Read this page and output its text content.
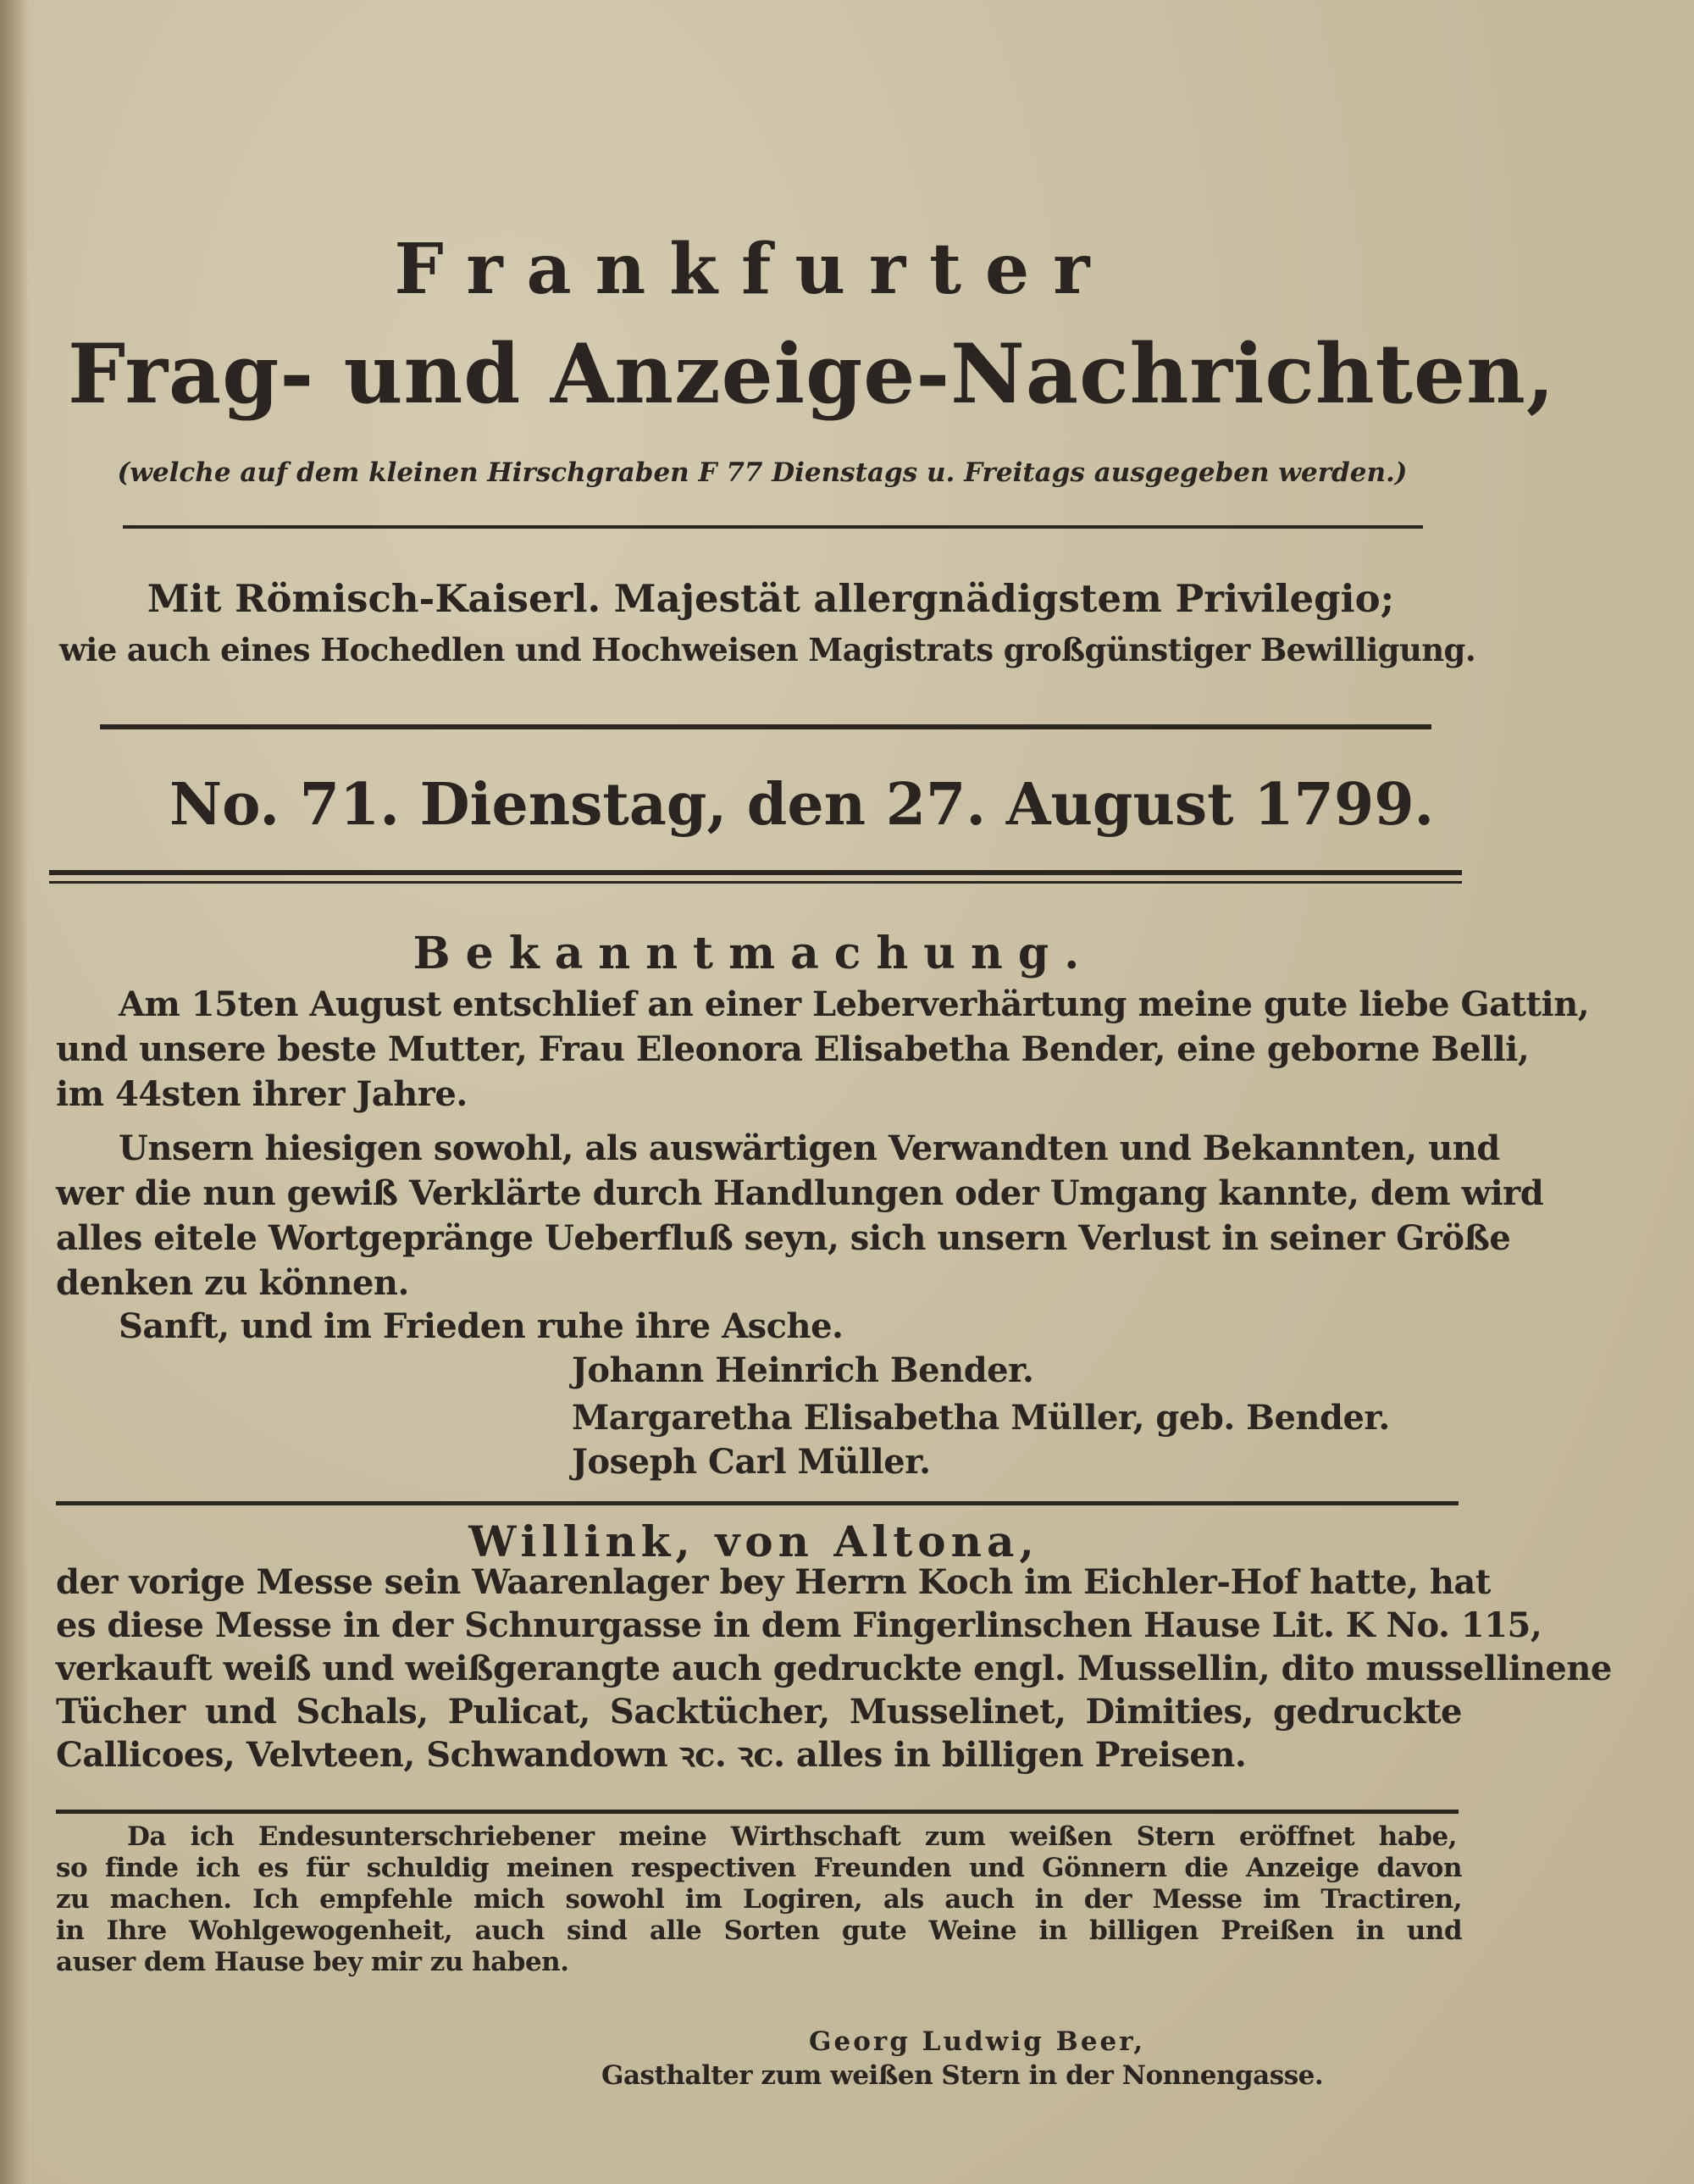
Frankfurter
Frag- und Anzeige-Nachrichten,
(welche auf dem kleinen Hirschgraben F 77 Dienstags u. Freitags ausgegeben werden.)
Mit Römisch-Kaiserl. Majestät allergnädigstem Privilegio;
wie auch eines Hochedlen und Hochweisen Magistrats großgünstiger Bewilligung.
No. 71. Dienstag, den 27. August 1799.
Bekanntmachung.
Am 15ten August entschlief an einer Leberverhärtung meine gute liebe Gattin,
und unsere beste Mutter, Frau Eleonora Elisabetha Bender, eine geborne Belli,
im 44sten ihrer Jahre.
Unsern hiesigen sowohl, als auswärtigen Verwandten und Bekannten, und
wer die nun gewiß Verklärte durch Handlungen oder Umgang kannte, dem wird
alles eitele Wortgepränge Ueberfluß seyn, sich unsern Verlust in seiner Größe
denken zu können.
Sanft, und im Frieden ruhe ihre Asche.
Johann Heinrich Bender.
Margaretha Elisabetha Müller, geb. Bender.
Joseph Carl Müller.
Willink, von Altona,
der vorige Messe sein Waarenlager bey Herrn Koch im Eichler-Hof hatte, hat
es diese Messe in der Schnurgasse in dem Fingerlinschen Hause Lit. K No. 115,
verkauft weiß und weißgerangte auch gedruckte engl. Mussellin, dito mussellinene
Tücher und Schals, Pulicat, Sacktücher, Musselinet, Dimities, gedruckte
Callicoes, Velvteen, Schwandown ꝛc. ꝛc. alles in billigen Preisen.
Da ich Endesunterschriebener meine Wirthschaft zum weißen Stern eröffnet habe,
so finde ich es für schuldig meinen respectiven Freunden und Gönnern die Anzeige davon
zu machen. Ich empfehle mich sowohl im Logiren, als auch in der Messe im Tractiren,
in Ihre Wohlgewogenheit, auch sind alle Sorten gute Weine in billigen Preißen in und
auser dem Hause bey mir zu haben.
Georg Ludwig Beer,
Gasthalter zum weißen Stern in der Nonnengasse.
